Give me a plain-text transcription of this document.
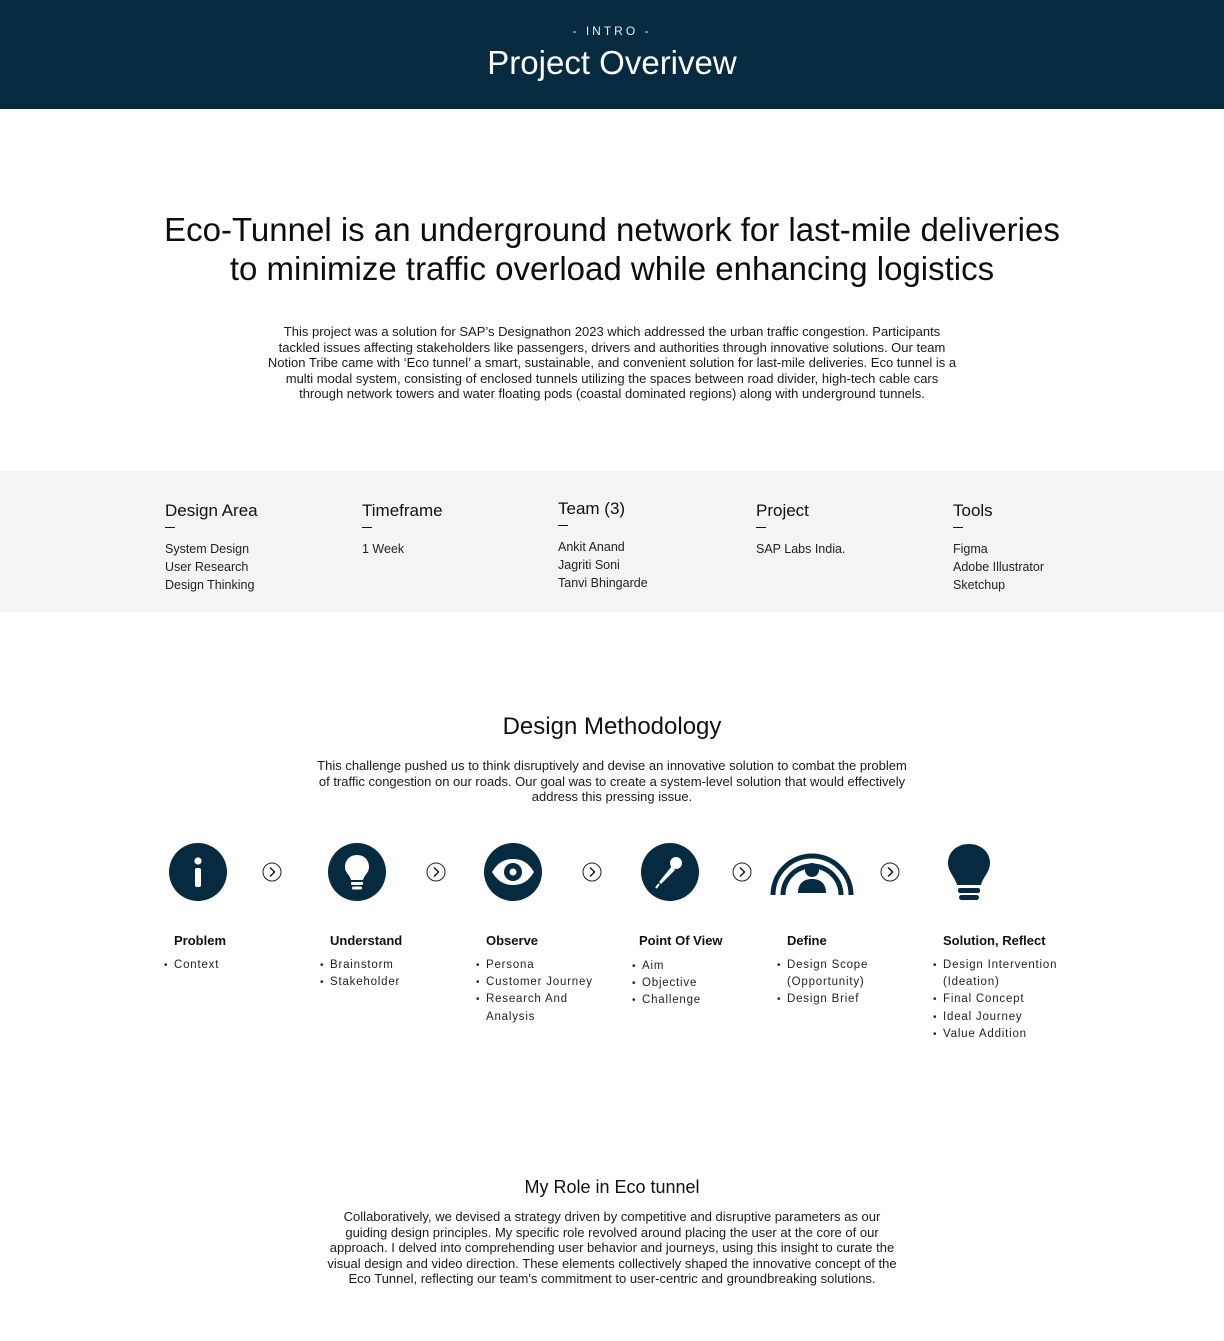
- INTRO -
Project Overivew
Eco-Tunnel is an underground network for last-mile deliveries
to minimize traffic overload while enhancing logistics

This project was a solution for SAP’s Designathon 2023 which addressed the urban traffic congestion. Participants tackled issues affecting stakeholders like passengers, drivers and authorities through innovative solutions. Our team Notion Tribe came with ‘Eco tunnel’ a smart, sustainable, and convenient solution for last-mile deliveries. Eco tunnel is a multi modal system, consisting of enclosed tunnels utilizing the spaces between road divider, high-tech cable cars through network towers and water floating pods (coastal dominated regions) along with underground tunnels.

Design Area
System Design
User Research
Design Thinking
Timeframe
1 Week
Team (3)
Ankit Anand
Jagriti Soni
Tanvi Bhingarde
Project
SAP Labs India.
Tools
Figma
Adobe Illustrator
Sketchup
Design Methodology

This challenge pushed us to think disruptively and devise an innovative solution to combat the problem of traffic congestion on our roads. Our goal was to create a system-level solution that would effectively address this pressing issue.

Problem
• Context
Understand
• Brainstorm
• Stakeholder
Observe
• Persona
• Customer Journey
• Research And
Analysis
Point Of View
• Aim
• Objective
• Challenge
Define
• Design Scope
(Opportunity)
• Design Brief
Solution, Reflect
• Design Intervention
(Ideation)
• Final Concept
• Ideal Journey
• Value Addition
My Role in Eco tunnel

Collaboratively, we devised a strategy driven by competitive and disruptive parameters as our guiding design principles. My specific role revolved around placing the user at the core of our approach. I delved into comprehending user behavior and journeys, using this insight to curate the visual design and video direction. These elements collectively shaped the innovative concept of the Eco Tunnel, reflecting our team's commitment to user-centric and groundbreaking solutions.
